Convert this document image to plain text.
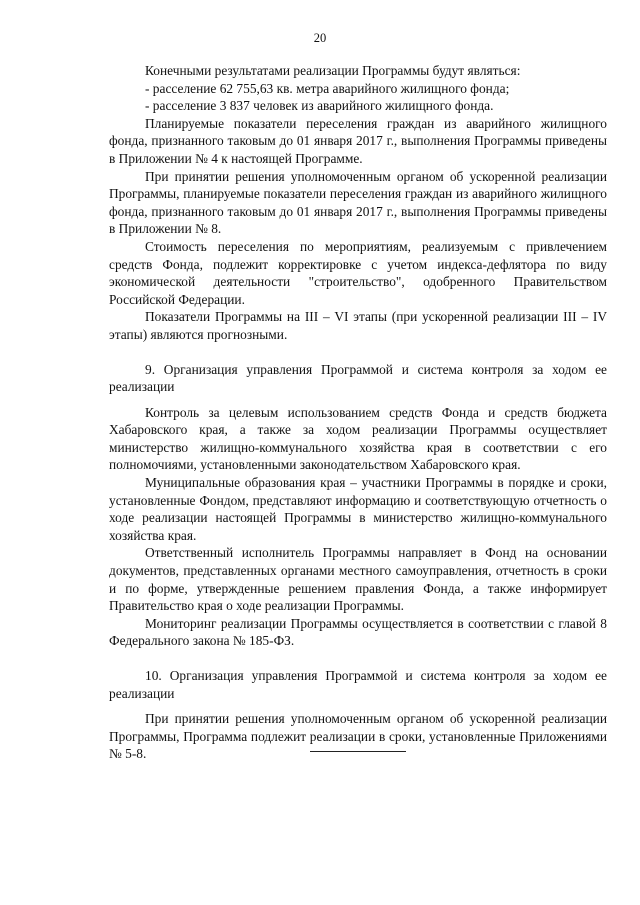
20

Конечными результатами реализации Программы будут являться:

- расселение 62 755,63 кв. метра аварийного жилищного фонда;

- расселение 3 837 человек из аварийного жилищного фонда.

Планируемые показатели переселения граждан из аварийного жилищного фонда, признанного таковым до 01 января 2017 г., выполнения Программы приведены в Приложении № 4 к настоящей Программе.

При принятии решения уполномоченным органом об ускоренной реализации Программы, планируемые показатели переселения граждан из аварийного жилищного фонда, признанного таковым до 01 января 2017 г., выполнения Программы приведены в Приложении № 8.

Стоимость переселения по мероприятиям, реализуемым с привлечением средств Фонда, подлежит корректировке с учетом индекса-дефлятора по виду экономической деятельности "строительство", одобренного Правительством Российской Федерации.

Показатели Программы на III – VI этапы (при ускоренной реализации III – IV этапы) являются прогнозными.

9. Организация управления Программой и система контроля за ходом ее реализации

Контроль за целевым использованием средств Фонда и средств бюджета Хабаровского края, а также за ходом реализации Программы осуществляет министерство жилищно-коммунального хозяйства края в соответствии с его полномочиями, установленными законодательством Хабаровского края.

Муниципальные образования края – участники Программы в порядке и сроки, установленные Фондом, представляют информацию и соответствующую отчетность о ходе реализации настоящей Программы в министерство жилищно-коммунального хозяйства края.

Ответственный исполнитель Программы направляет в Фонд на основании документов, представленных органами местного самоуправления, отчетность в сроки и по форме, утвержденные решением правления Фонда, а также информирует Правительство края о ходе реализации Программы.

Мониторинг реализации Программы осуществляется в соответствии с главой 8 Федерального закона № 185-ФЗ.

10. Организация управления Программой и система контроля за ходом ее реализации

При принятии решения уполномоченным органом об ускоренной реализации Программы, Программа подлежит реализации в сроки, установленные Приложениями № 5-8.
